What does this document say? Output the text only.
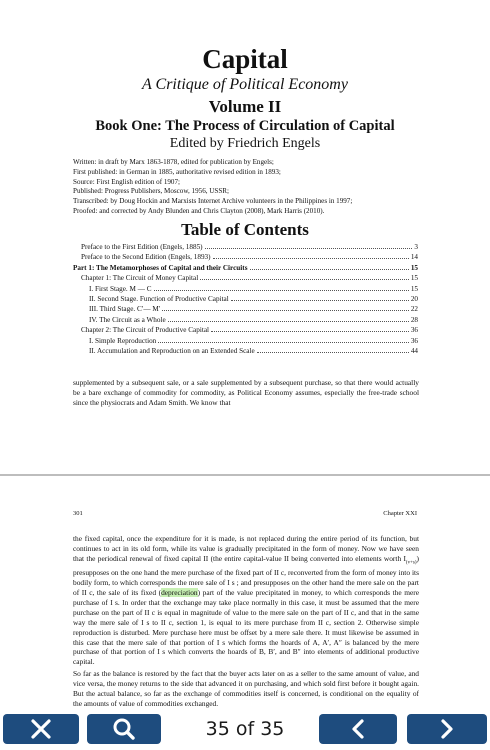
Capital
A Critique of Political Economy
Volume II
Book One: The Process of Circulation of Capital
Edited by Friedrich Engels
Written: in draft by Marx 1863-1878, edited for publication by Engels;
First published: in German in 1885, authoritative revised edition in 1893;
Source: First English edition of 1907;
Published: Progress Publishers, Moscow, 1956, USSR;
Transcribed: by Doug Hockin and Marxists Internet Archive volunteers in the Philippines in 1997;
Proofed: and corrected by Andy Blunden and Chris Clayton (2008), Mark Harris (2010).
Table of Contents
Preface to the First Edition (Engels, 1885)	3
Preface to the Second Edition (Engels, 1893)	14
Part 1: The Metamorphoses of Capital and their Circuits	15
Chapter 1: The Circuit of Money Capital	15
I. First Stage. M — C	15
II. Second Stage. Function of Productive Capital	20
III. Third Stage. C′— M′	22
IV. The Circuit as a Whole	28
Chapter 2: The Circuit of Productive Capital	36
I. Simple Reproduction	36
II. Accumulation and Reproduction on an Extended Scale	44
supplemented by a subsequent sale, or a sale supplemented by a subsequent purchase, so that there would actually be a bare exchange of commodity for commodity, as Political Economy assumes, especially the free-trade school since the physiocrats and Adam Smith. We know that
301	Chapter XXI

the fixed capital, once the expenditure for it is made, is not replaced during the entire period of its function, but continues to act in its old form, while its value is gradually precipitated in the form of money. Now we have seen that the periodical renewal of fixed capital II (the entire capital-value II being converted into elements worth $I_{(v+s)}$) presupposes on the one hand the mere purchase of the fixed part of II c, reconverted from the form of money into its bodily form, to which corresponds the mere sale of I s ; and presupposes on the other hand the mere sale on the part of II c, the sale of its fixed (depreciation) part of the value precipitated in money, to which corresponds the mere purchase of I s. In order that the exchange may take place normally in this case, it must be assumed that the mere purchase on the part of II c is equal in magnitude of value to the mere sale on the part of II c, and that in the same way the mere sale of I s to II c, section 1, is equal to its mere purchase from II c, section 2. Otherwise simple reproduction is disturbed. Mere purchase here must be offset by a mere sale there. It must likewise be assumed in this case that the mere sale of that portion of I s which forms the hoards of A, A′, A″ is balanced by the mere purchase of that portion of I s which converts the hoards of B, B′, and B″ into elements of additional productive capital.

So far as the balance is restored by the fact that the buyer acts later on as a seller to the same amount of value, and vice versa, the money returns to the side that advanced it on purchasing, and which sold first before it bought again. But the actual balance, so far as the exchange of commodities itself is concerned, is conditional on the equality of the amounts of value of commodities exchanged.

35 of 35
